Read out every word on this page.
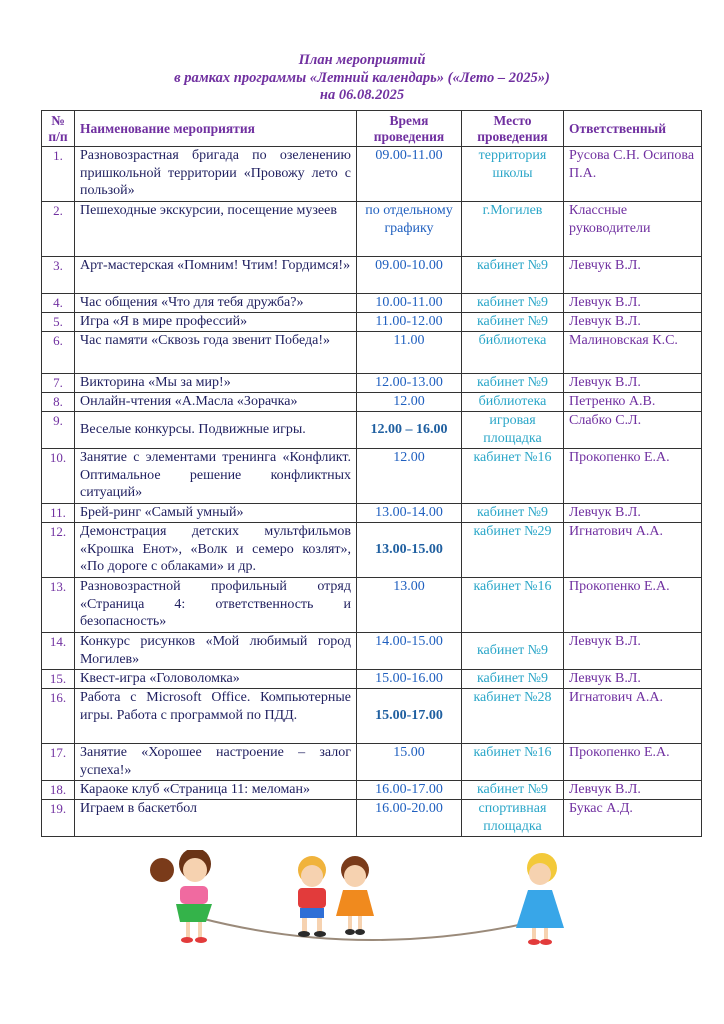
План мероприятий
в рамках программы «Летний календарь» («Лето – 2025»)
на 06.08.2025
№ п/п	Наименование мероприятия	Время проведения	Место проведения	Ответственный
1.	Разновозрастная бригада по озеленению пришкольной территории «Провожу лето с пользой»	09.00-11.00	территория школы	Русова С.Н. Осипова П.А.
2.	Пешеходные экскурсии, посещение музеев	по отдельному графику	г.Могилев	Классные руководители
3.	Арт-мастерская «Помним! Чтим! Гордимся!»	09.00-10.00	кабинет №9	Левчук В.Л.
4.	Час общения «Что для тебя дружба?»	10.00-11.00	кабинет №9	Левчук В.Л.
5.	Игра «Я в мире профессий»	11.00-12.00	кабинет №9	Левчук В.Л.
6.	Час памяти «Сквозь года звенит Победа!»	11.00	библиотека	Малиновская К.С.
7.	Викторина «Мы за мир!»	12.00-13.00	кабинет №9	Левчук В.Л.
8.	Онлайн-чтения «А.Масла «Зорачка»	12.00	библиотека	Петренко А.В.
9.	Веселые конкурсы. Подвижные игры.	12.00 – 16.00	игровая площадка	Слабко С.Л.
10.	Занятие с элементами тренинга «Конфликт. Оптимальное решение конфликтных ситуаций»	12.00	кабинет №16	Прокопенко Е.А.
11.	Брей-ринг «Самый умный»	13.00-14.00	кабинет №9	Левчук В.Л.
12.	Демонстрация детских мультфильмов «Крошка Енот», «Волк и семеро козлят», «По дороге с облаками» и др.	13.00-15.00	кабинет №29	Игнатович А.А.
13.	Разновозрастной профильный отряд «Страница 4: ответственность и безопасность»	13.00	кабинет №16	Прокопенко Е.А.
14.	Конкурс рисунков «Мой любимый город Могилев»	14.00-15.00	кабинет №9	Левчук В.Л.
15.	Квест-игра «Головоломка»	15.00-16.00	кабинет №9	Левчук В.Л.
16.	Работа с Microsoft Office. Компьютерные игры. Работа с программой по ПДД.	15.00-17.00	кабинет №28	Игнатович А.А.
17.	Занятие «Хорошее настроение – залог успеха!»	15.00	кабинет №16	Прокопенко Е.А.
18.	Караоке клуб «Страница 11: меломан»	16.00-17.00	кабинет №9	Левчук В.Л.
19.	Играем в баскетбол	16.00-20.00	спортивная площадка	Букас А.Д.
